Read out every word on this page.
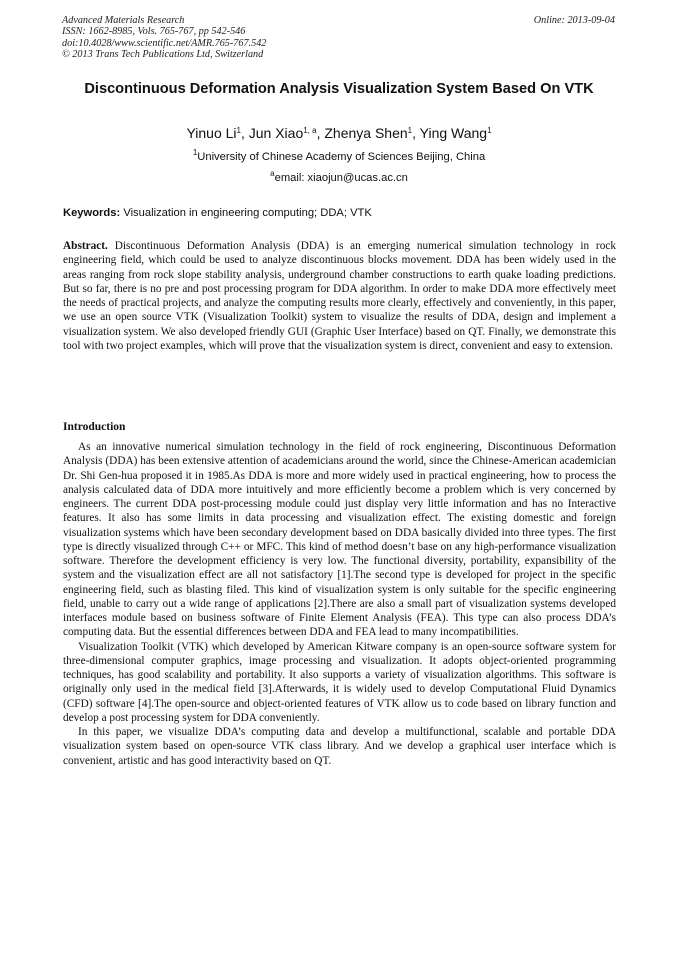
Advanced Materials Research
ISSN: 1662-8985, Vols. 765-767, pp 542-546
doi:10.4028/www.scientific.net/AMR.765-767.542
© 2013 Trans Tech Publications Ltd, Switzerland
Online: 2013-09-04
Discontinuous Deformation Analysis Visualization System Based On VTK
Yinuo Li$^1$, Jun Xiao$^{1, a}$, Zhenya Shen$^1$, Ying Wang$^1$
$^1$University of Chinese Academy of Sciences Beijing, China
$^a$email: xiaojun@ucas.ac.cn
Keywords: Visualization in engineering computing; DDA; VTK

Abstract. Discontinuous Deformation Analysis (DDA) is an emerging numerical simulation technology in rock engineering field, which could be used to analyze discontinuous blocks movement. DDA has been widely used in the areas ranging from rock slope stability analysis, underground chamber constructions to earth quake loading predictions. But so far, there is no pre and post processing program for DDA algorithm. In order to make DDA more effectively meet the needs of practical projects, and analyze the computing results more clearly, effectively and conveniently, in this paper, we use an open source VTK (Visualization Toolkit) system to visualize the results of DDA, design and implement a visualization system. We also developed friendly GUI (Graphic User Interface) based on QT. Finally, we demonstrate this tool with two project examples, which will prove that the visualization system is direct, convenient and easy to extension.

Introduction

As an innovative numerical simulation technology in the field of rock engineering, Discontinuous Deformation Analysis (DDA) has been extensive attention of academicians around the world, since the Chinese-American academician Dr. Shi Gen-hua proposed it in 1985.As DDA is more and more widely used in practical engineering, how to process the analysis calculated data of DDA more intuitively and more efficiently become a problem which is very concerned by engineers. The current DDA post-processing module could just display very little information and has no Interactive features. It also has some limits in data processing and visualization effect. The existing domestic and foreign visualization systems which have been secondary development based on DDA basically divided into three types. The first type is directly visualized through C++ or MFC. This kind of method doesn’t base on any high-performance visualization software. Therefore the development efficiency is very low. The functional diversity, portability, expansibility of the system and the visualization effect are all not satisfactory [1].The second type is developed for project in the specific engineering field, such as blasting filed. This kind of visualization system is only suitable for the specific engineering field, unable to carry out a wide range of applications [2].There are also a small part of visualization systems developed interfaces module based on business software of Finite Element Analysis (FEA). This type can also process DDA’s computing data. But the essential differences between DDA and FEA lead to many incompatibilities.

Visualization Toolkit (VTK) which developed by American Kitware company is an open-source software system for three-dimensional computer graphics, image processing and visualization. It adopts object-oriented programming techniques, has good scalability and portability. It also supports a variety of visualization algorithms. This software is originally only used in the medical field [3].Afterwards, it is widely used to develop Computational Fluid Dynamics (CFD) software [4].The open-source and object-oriented features of VTK allow us to code based on library function and develop a post processing system for DDA conveniently.

In this paper, we visualize DDA’s computing data and develop a multifunctional, scalable and portable DDA visualization system based on open-source VTK class library. And we develop a graphical user interface which is convenient, artistic and has good interactivity based on QT.
